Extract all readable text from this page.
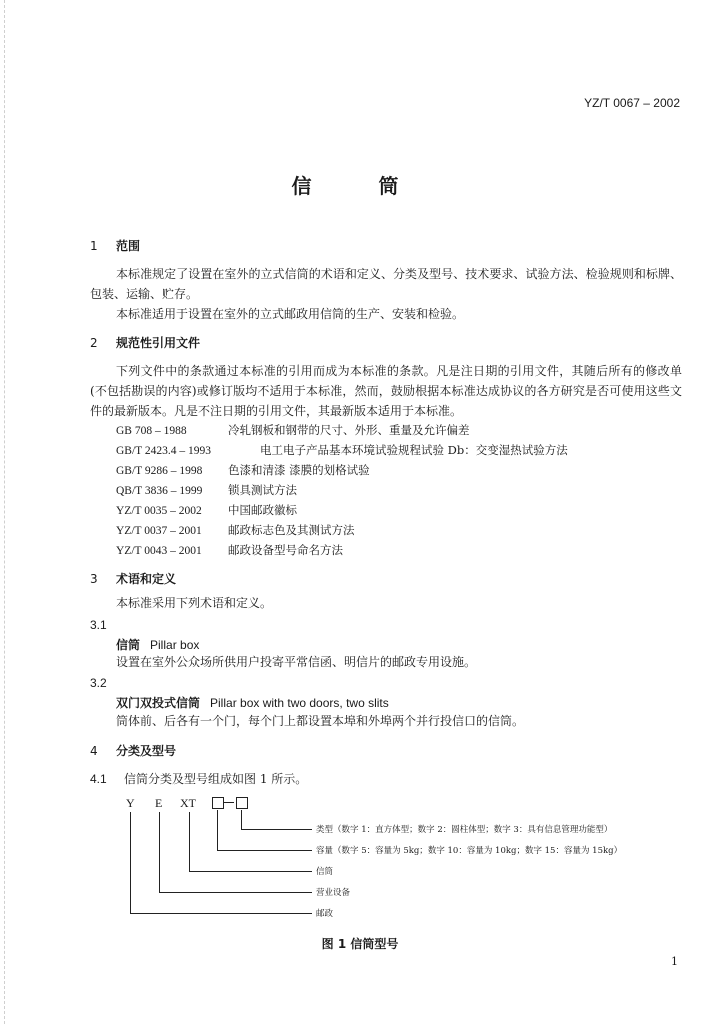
YZ/T 0067 – 2002
信 筒
1 范围
本标准规定了设置在室外的立式信筒的术语和定义、分类及型号、技术要求、试验方法、检验规则和标牌、包装、运输、贮存。
本标准适用于设置在室外的立式邮政用信筒的生产、安装和检验。
2 规范性引用文件
下列文件中的条款通过本标准的引用而成为本标准的条款。凡是注日期的引用文件，其随后所有的修改单(不包括勘误的内容)或修订版均不适用于本标准，然而，鼓励根据本标准达成协议的各方研究是否可使用这些文件的最新版本。凡是不注日期的引用文件，其最新版本适用于本标准。
GB 708 – 1988	冷轧钢板和钢带的尺寸、外形、重量及允许偏差
GB/T 2423.4 – 1993	电工电子产品基本环境试验规程试验 Db：交变湿热试验方法
GB/T 9286 – 1998 色漆和清漆 漆膜的划格试验
QB/T 3836 – 1999 锁具测试方法
YZ/T 0035 – 2002 中国邮政徽标
YZ/T 0037 – 2001 邮政标志色及其测试方法
YZ/T 0043 – 2001 邮政设备型号命名方法
3 术语和定义
本标准采用下列术语和定义。
3.1
信筒 Pillar box
设置在室外公众场所供用户投寄平常信函、明信片的邮政专用设施。
3.2
双门双投式信筒 Pillar box with two doors, two slits
筒体前、后各有一个门，每个门上都设置本埠和外埠两个并行投信口的信筒。
4 分类及型号
4.1 信筒分类及型号组成如图 1 所示。
Y E XT
类型（数字 1：直方体型；数字 2：圆柱体型；数字 3：具有信息管理功能型）
容量（数字 5：容量为 5kg；数字 10：容量为 10kg；数字 15：容量为 15kg）
信筒
营业设备
邮政
图 1 信筒型号
1
